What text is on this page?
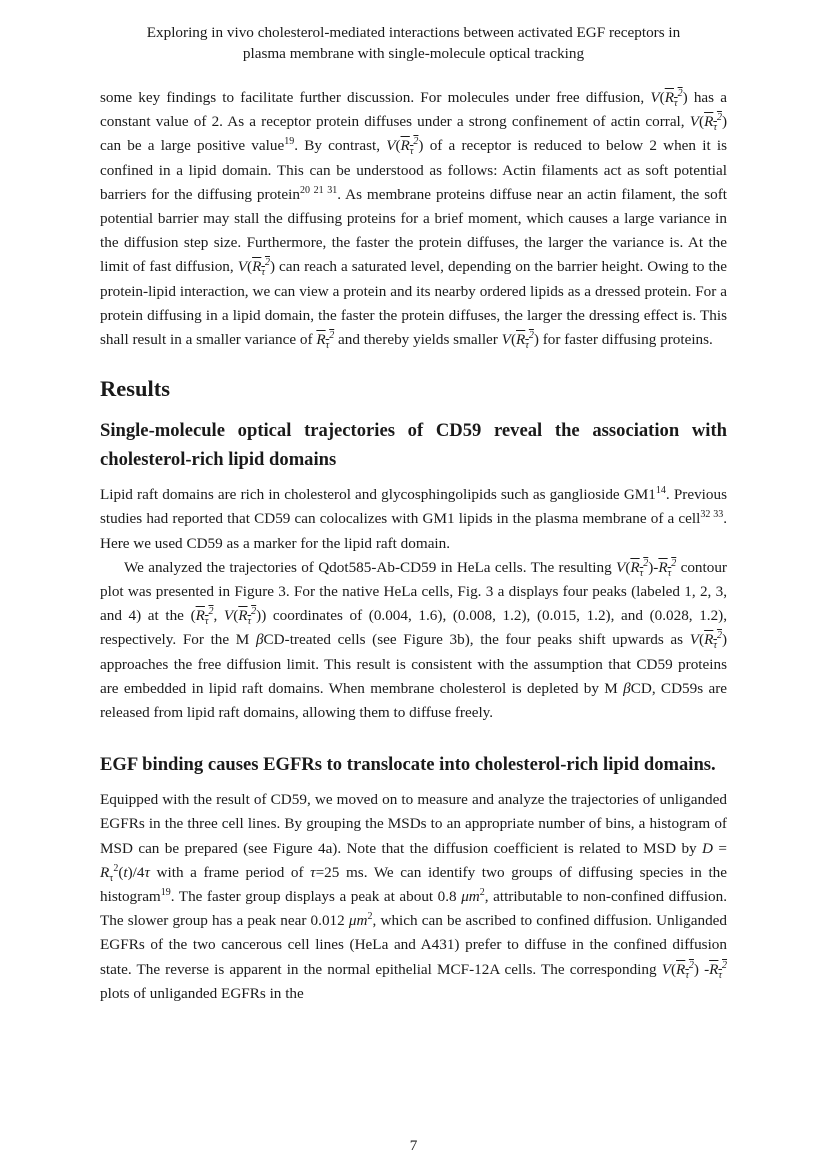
Exploring in vivo cholesterol-mediated interactions between activated EGF receptors in
plasma membrane with single-molecule optical tracking

some key findings to facilitate further discussion. For molecules under free diffusion, $V(R_\tau^2)$ has a constant value of 2. As a receptor protein diffuses under a strong confinement of actin corral, $V(R_\tau^2)$ can be a large positive value$^{19}$. By contrast, $V(R_\tau^2)$ of a receptor is reduced to below 2 when it is confined in a lipid domain. This can be understood as follows: Actin filaments act as soft potential barriers for the diffusing protein$^{20 21 31}$. As membrane proteins diffuse near an actin filament, the soft potential barrier may stall the diffusing proteins for a brief moment, which causes a large variance in the diffusion step size. Furthermore, the faster the protein diffuses, the larger the variance is. At the limit of fast diffusion, $V(R_\tau^2)$ can reach a saturated level, depending on the barrier height. Owing to the protein-lipid interaction, we can view a protein and its nearby ordered lipids as a dressed protein. For a protein diffusing in a lipid domain, the faster the protein diffuses, the larger the dressing effect is. This shall result in a smaller variance of $R_\tau^2$ and thereby yields smaller $V(R_\tau^2)$ for faster diffusing proteins.

Results
Single-molecule optical trajectories of CD59 reveal the association with cholesterol-rich lipid domains

Lipid raft domains are rich in cholesterol and glycosphingolipids such as ganglioside $GM1^{14}$. Previous studies had reported that CD59 can colocalizes with GM1 lipids in the plasma membrane of a cell$^{32 33}$. Here we used CD59 as a marker for the lipid raft domain.

We analyzed the trajectories of Qdot585-Ab-CD59 in HeLa cells. The resulting $V(R_\tau^2)-R_\tau^2$ contour plot was presented in Figure 3. For the native HeLa cells, Fig. 3 a displays four peaks (labeled 1, 2, 3, and 4) at the ($R_\tau^2$, $V(R_\tau^2)$) coordinates of (0.004, 1.6), (0.008, 1.2), (0.015, 1.2), and (0.028, 1.2), respectively. For the M βCD-treated cells (see Figure 3b), the four peaks shift upwards as $V(R_\tau^2)$ approaches the free diffusion limit. This result is consistent with the assumption that CD59 proteins are embedded in lipid raft domains. When membrane cholesterol is depleted by M βCD, CD59s are released from lipid raft domains, allowing them to diffuse freely.

EGF binding causes EGFRs to translocate into cholesterol-rich lipid domains.

Equipped with the result of CD59, we moved on to measure and analyze the trajectories of unliganded EGFRs in the three cell lines. By grouping the MSDs to an appropriate number of bins, a histogram of MSD can be prepared (see Figure 4a). Note that the diffusion coefficient is related to MSD by $D = R_\tau^2(t)/4\tau$ with a frame period of τ=25 ms. We can identify two groups of diffusing species in the histogram$^{19}$. The faster group displays a peak at about 0.8 $\mu m^2$, attributable to non-confined diffusion. The slower group has a peak near 0.012 $\mu m^2$, which can be ascribed to confined diffusion. Unliganded EGFRs of the two cancerous cell lines (HeLa and A431) prefer to diffuse in the confined diffusion state. The reverse is apparent in the normal epithelial MCF-12A cells. The corresponding $V(R_\tau^2)$ $-R_\tau^2$ plots of unliganded EGFRs in the

7
